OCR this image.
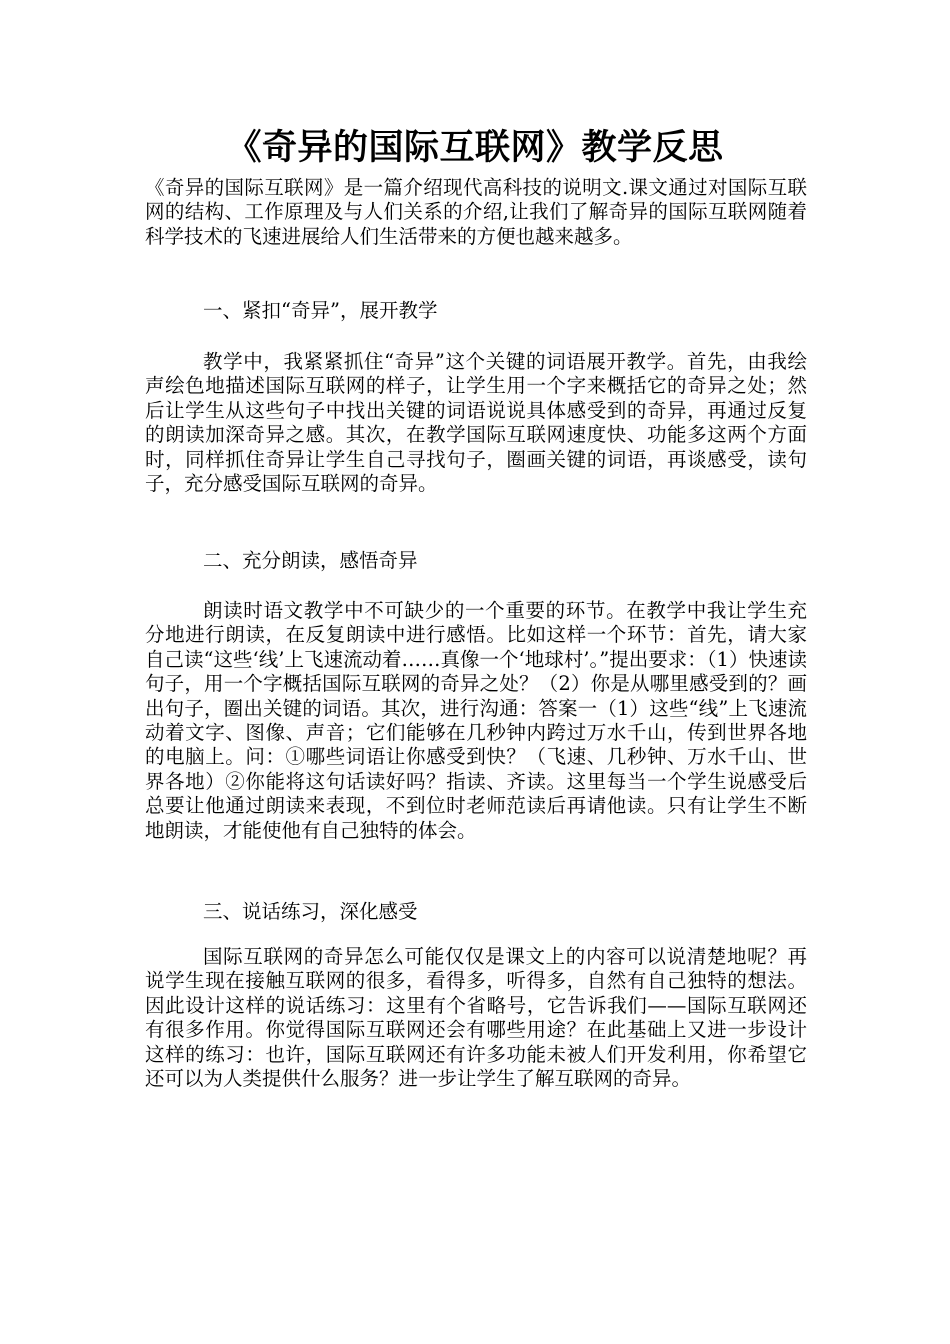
《奇异的国际互联网》教学反思

《奇异的国际互联网》是一篇介绍现代高科技的说明文.课文通过对国际互联网的结构、工作原理及与人们关系的介绍,让我们了解奇异的国际互联网随着科学技术的飞速进展给人们生活带来的方便也越来越多。

一、紧扣“奇异”，展开教学

教学中，我紧紧抓住“奇异”这个关键的词语展开教学。首先，由我绘声绘色地描述国际互联网的样子，让学生用一个字来概括它的奇异之处；然后让学生从这些句子中找出关键的词语说说具体感受到的奇异，再通过反复的朗读加深奇异之感。其次，在教学国际互联网速度快、功能多这两个方面时，同样抓住奇异让学生自己寻找句子，圈画关键的词语，再谈感受，读句子，充分感受国际互联网的奇异。

二、充分朗读，感悟奇异

朗读时语文教学中不可缺少的一个重要的环节。在教学中我让学生充分地进行朗读，在反复朗读中进行感悟。比如这样一个环节：首先，请大家自己读“这些‘线’上飞速流动着……真像一个‘地球村’。”提出要求：（1）快速读句子，用一个字概括国际互联网的奇异之处？（2）你是从哪里感受到的？画出句子，圈出关键的词语。其次，进行沟通：答案一（1）这些“线”上飞速流动着文字、图像、声音；它们能够在几秒钟内跨过万水千山，传到世界各地的电脑上。问：①哪些词语让你感受到快？（飞速、几秒钟、万水千山、世界各地）②你能将这句话读好吗？指读、齐读。这里每当一个学生说感受后总要让他通过朗读来表现，不到位时老师范读后再请他读。只有让学生不断地朗读，才能使他有自己独特的体会。

三、说话练习，深化感受

国际互联网的奇异怎么可能仅仅是课文上的内容可以说清楚地呢？再说学生现在接触互联网的很多，看得多，听得多，自然有自己独特的想法。因此设计这样的说话练习：这里有个省略号，它告诉我们——国际互联网还有很多作用。你觉得国际互联网还会有哪些用途？在此基础上又进一步设计这样的练习：也许，国际互联网还有许多功能未被人们开发利用，你希望它还可以为人类提供什么服务？进一步让学生了解互联网的奇异。
